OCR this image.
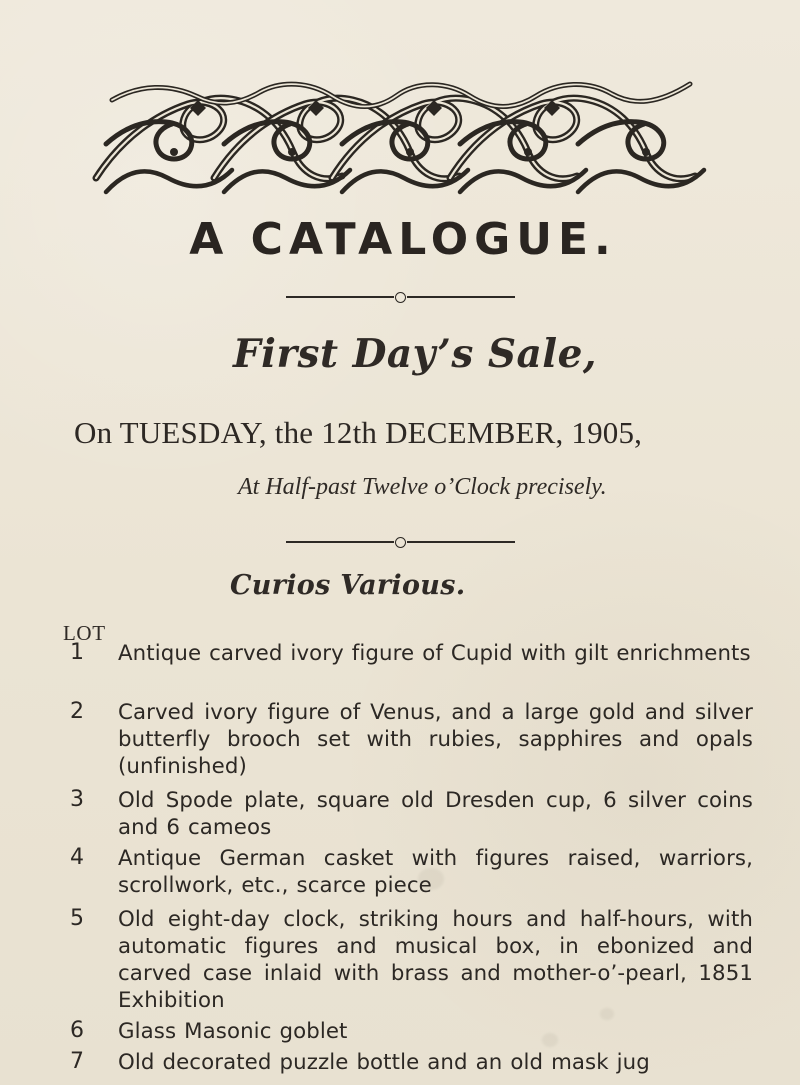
A CATALOGUE.
First Day’s Sale,
On TUESDAY, the 12th DECEMBER, 1905,
At Half-past Twelve o’Clock precisely.
Curios Various.
LOT
1	Antique carved ivory figure of Cupid with gilt enrichments
2	Carved ivory figure of Venus, and a large gold and silver butterfly brooch set with rubies, sapphires and opals (unfinished)
3	Old Spode plate, square old Dresden cup, 6 silver coins and 6 cameos
4	Antique German casket with figures raised, warriors, scrollwork, etc., scarce piece
5	Old eight-day clock, striking hours and half-hours, with automatic figures and musical box, in ebonized and carved case inlaid with brass and mother-o’-pearl, 1851 Exhibition
6	Glass Masonic goblet
7	Old decorated puzzle bottle and an old mask jug
